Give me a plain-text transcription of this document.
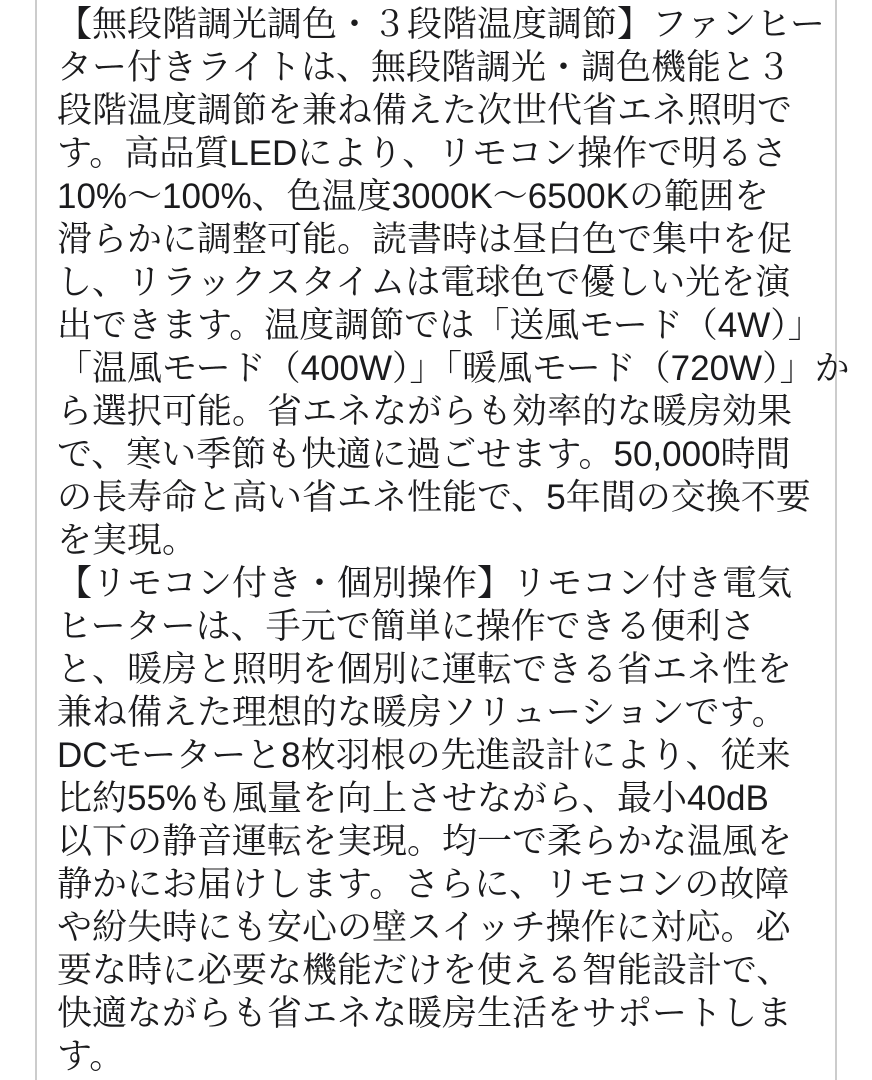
【無段階調光調色・３段階温度調節】ファンヒー
ター付きライトは、無段階調光・調色機能と３
段階温度調節を兼ね備えた次世代省エネ照明で
す。高品質LEDにより、リモコン操作で明るさ
10%～100%、色温度3000K～6500Kの範囲を
滑らかに調整可能。読書時は昼白色で集中を促
し、リラックスタイムは電球色で優しい光を演
出できます。温度調節では「送風モード（4W）」
「温風モード（400W）」「暖風モード（720W）」か
ら選択可能。省エネながらも効率的な暖房効果
で、寒い季節も快適に過ごせます。50,000時間
の長寿命と高い省エネ性能で、5年間の交換不要
を実現。
【リモコン付き・個別操作】リモコン付き電気
ヒーターは、手元で簡単に操作できる便利さ
と、暖房と照明を個別に運転できる省エネ性を
兼ね備えた理想的な暖房ソリューションです。
DCモーターと8枚羽根の先進設計により、従来
比約55%も風量を向上させながら、最小40dB
以下の静音運転を実現。均一で柔らかな温風を
静かにお届けします。さらに、リモコンの故障
や紛失時にも安心の壁スイッチ操作に対応。必
要な時に必要な機能だけを使える智能設計で、
快適ながらも省エネな暖房生活をサポートしま
す。
